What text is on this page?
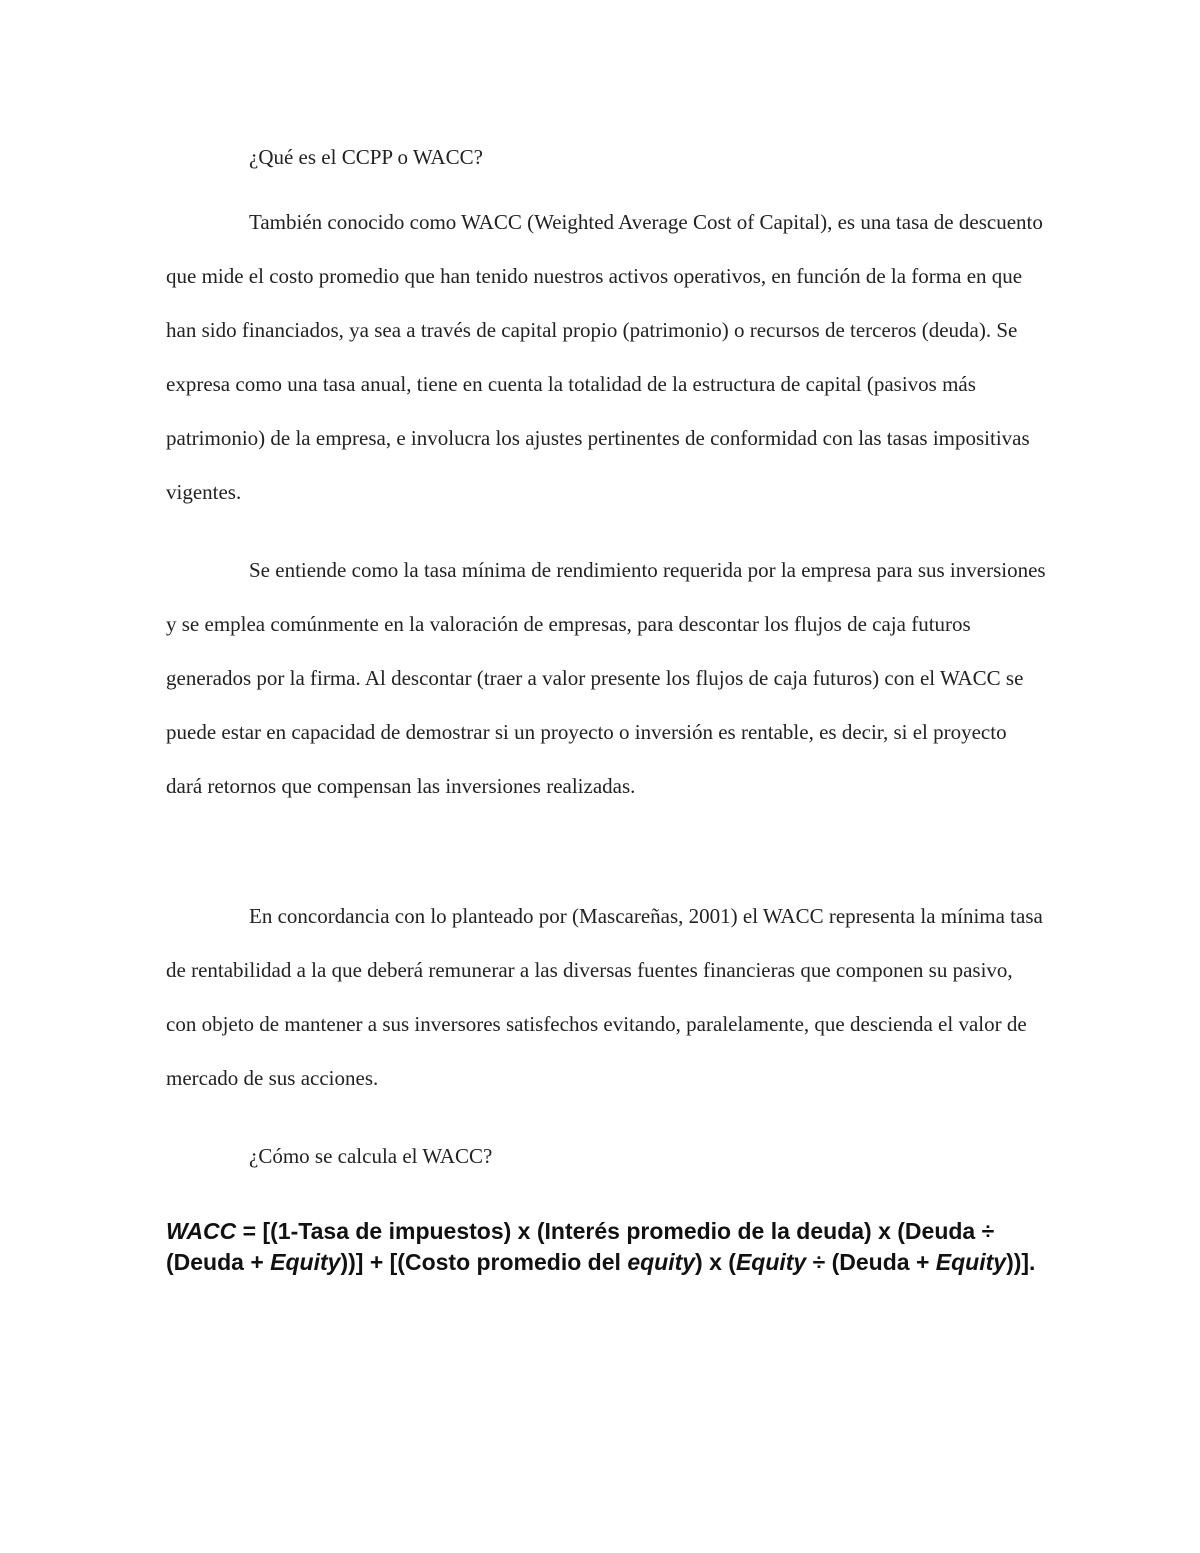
¿Qué es el CCPP o WACC?

También conocido como WACC (Weighted Average Cost of Capital), es una tasa de descuento que mide el costo promedio que han tenido nuestros activos operativos, en función de la forma en que han sido financiados, ya sea a través de capital propio (patrimonio) o recursos de terceros (deuda). Se expresa como una tasa anual, tiene en cuenta la totalidad de la estructura de capital (pasivos más patrimonio) de la empresa, e involucra los ajustes pertinentes de conformidad con las tasas impositivas vigentes.

Se entiende como la tasa mínima de rendimiento requerida por la empresa para sus inversiones y se emplea comúnmente en la valoración de empresas, para descontar los flujos de caja futuros generados por la firma. Al descontar (traer a valor presente los flujos de caja futuros) con el WACC se puede estar en capacidad de demostrar si un proyecto o inversión es rentable, es decir, si el proyecto dará retornos que compensan las inversiones realizadas.

En concordancia con lo planteado por (Mascareñas, 2001) el WACC representa la mínima tasa de rentabilidad a la que deberá remunerar a las diversas fuentes financieras que componen su pasivo, con objeto de mantener a sus inversores satisfechos evitando, paralelamente, que descienda el valor de mercado de sus acciones.

¿Cómo se calcula el WACC?
WACC = [(1-Tasa de impuestos) x (Interés promedio de la deuda) x (Deuda ÷ (Deuda + Equity))] + [(Costo promedio del equity) x (Equity ÷ (Deuda + Equity))].
